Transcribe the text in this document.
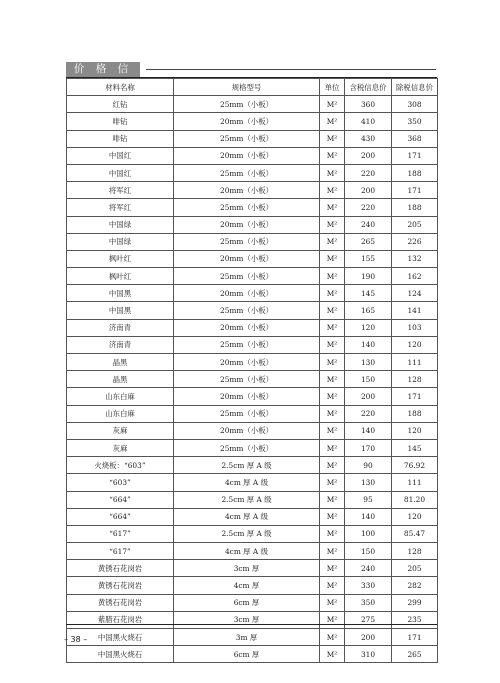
价 格 信 息
材料名称	规格型号	单位	含税信息价	除税信息价
红钻	25mm（小板）	M²	360	308
啡钻	20mm（小板）	M²	410	350
啡钻	25mm（小板）	M²	430	368
中国红	20mm（小板）	M²	200	171
中国红	25mm（小板）	M²	220	188
将军红	20mm（小板）	M²	200	171
将军红	25mm（小板）	M²	220	188
中国绿	20mm（小板）	M²	240	205
中国绿	25mm（小板）	M²	265	226
枫叶红	20mm（小板）	M²	155	132
枫叶红	25mm（小板）	M²	190	162
中国黑	20mm（小板）	M²	145	124
中国黑	25mm（小板）	M²	165	141
济南青	20mm（小板）	M²	120	103
济南青	25mm（小板）	M²	140	120
晶黑	20mm（小板）	M²	130	111
晶黑	25mm（小板）	M²	150	128
山东白麻	20mm（小板）	M²	200	171
山东白麻	25mm（小板）	M²	220	188
灰麻	20mm（小板）	M²	140	120
灰麻	25mm（小板）	M²	170	145
火烧板：“603”	2.5cm 厚 A 级	M²	90	76.92
“603”	4cm 厚 A 级	M²	130	111
“664”	2.5cm 厚 A 级	M²	95	81.20
“664”	4cm 厚 A 级	M²	140	120
“617”	2.5cm 厚 A 级	M²	100	85.47
“617”	4cm 厚 A 级	M²	150	128
黄锈石花岗岩	3cm 厚	M²	240	205
黄锈石花岗岩	4cm 厚	M²	330	282
黄锈石花岗岩	6cm 厚	M²	350	299
紫腊石花岗岩	3cm 厚	M²	275	235
中国黑火烧石	3m 厚	M²	200	171
中国黑火烧石	6cm 厚	M²	310	265
– 38 –
